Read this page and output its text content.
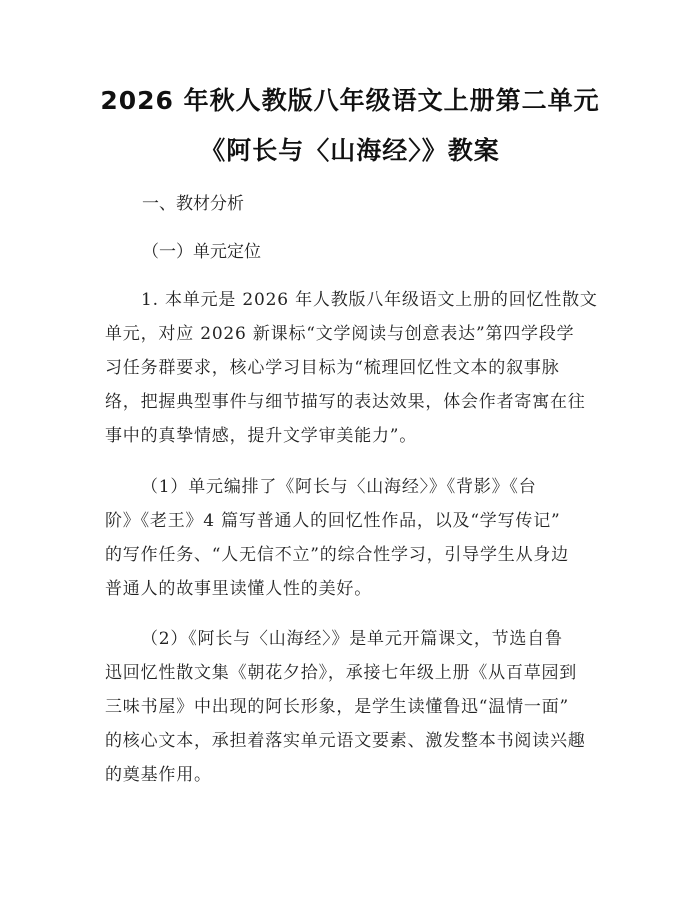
2026 年秋人教版八年级语文上册第二单元
《阿长与〈山海经〉》教案
一、教材分析
（一）单元定位
1. 本单元是 2026 年人教版八年级语文上册的回忆性散文
单元，对应 2026 新课标“文学阅读与创意表达”第四学段学
习任务群要求，核心学习目标为“梳理回忆性文本的叙事脉
络，把握典型事件与细节描写的表达效果，体会作者寄寓在往
事中的真挚情感，提升文学审美能力”。
（1）单元编排了《阿长与〈山海经〉》《背影》《台
阶》《老王》4 篇写普通人的回忆性作品，以及“学写传记”
的写作任务、“人无信不立”的综合性学习，引导学生从身边
普通人的故事里读懂人性的美好。
（2）《阿长与〈山海经〉》是单元开篇课文，节选自鲁
迅回忆性散文集《朝花夕拾》，承接七年级上册《从百草园到
三味书屋》中出现的阿长形象，是学生读懂鲁迅“温情一面”
的核心文本，承担着落实单元语文要素、激发整本书阅读兴趣
的奠基作用。
